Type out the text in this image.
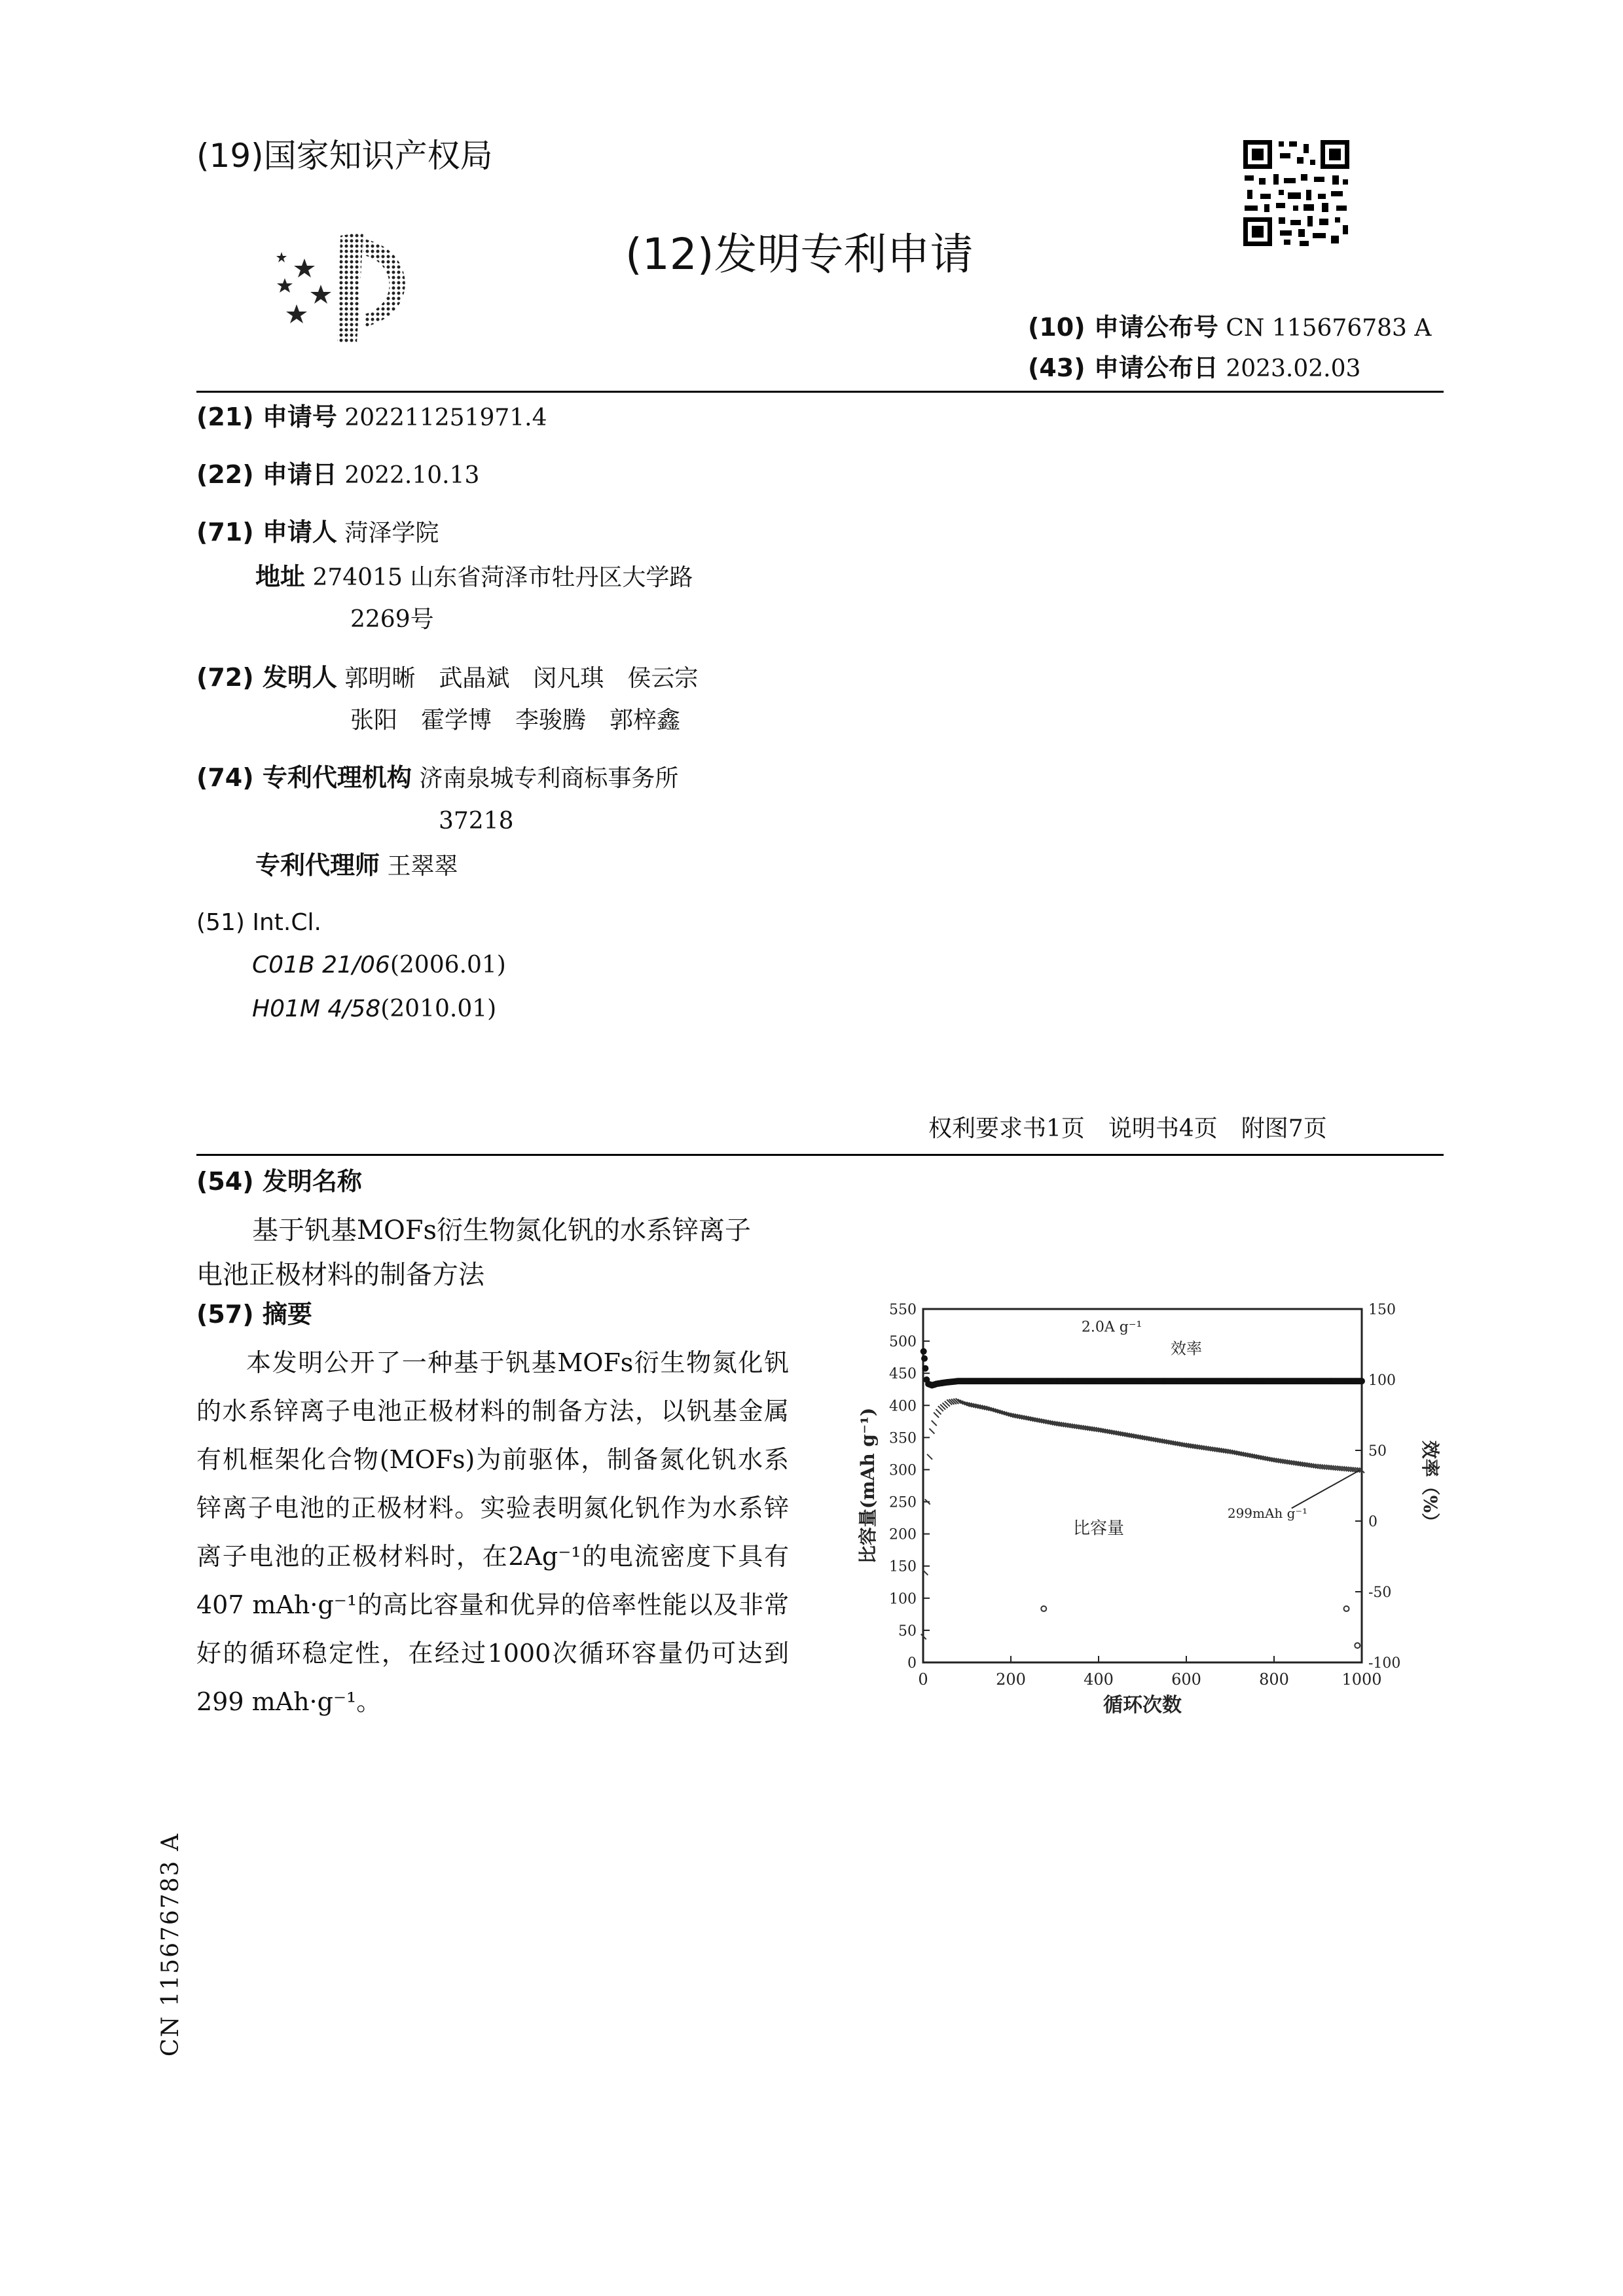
(19)国家知识产权局
(12)发明专利申请
(10) 申请公布号 CN 115676783 A
(43) 申请公布日 2023.02.03
(21) 申请号 202211251971.4
(22) 申请日 2022.10.13
(71) 申请人 菏泽学院
地址 274015 山东省菏泽市牡丹区大学路
2269号
(72) 发明人 郭明晰　武晶斌　闵凡琪　侯云宗
张阳　霍学博　李骏腾　郭梓鑫
(74) 专利代理机构 济南泉城专利商标事务所
37218
专利代理师 王翠翠
(51) Int.Cl.
C01B 21/06(2006.01)
H01M 4/58(2010.01)
权利要求书1页　说明书4页　附图7页
(54) 发明名称
基于钒基MOFs衍生物氮化钒的水系锌离子
电池正极材料的制备方法
(57) 摘要

本发明公开了一种基于钒基MOFs衍生物氮化钒的水系锌离子电池正极材料的制备方法，以钒基金属有机框架化合物(MOFs)为前驱体，制备氮化钒水系锌离子电池的正极材料。实验表明氮化钒作为水系锌离子电池的正极材料时，在2Ag⁻¹的电流密度下具有407 mAh·g⁻¹的高比容量和优异的倍率性能以及非常好的循环稳定性，在经过1000次循环容量仍可达到299 mAh·g⁻¹。

0	200	400	600	800	1000
0
50
100
150
200
250
300
350
400
450
500
550
-100
-50
0
50
100
150
循环次数
比容量(mAh g⁻¹)	效率（%）
2.0A g⁻¹
效率
比容量
299mAh g⁻¹
CN 115676783 A
